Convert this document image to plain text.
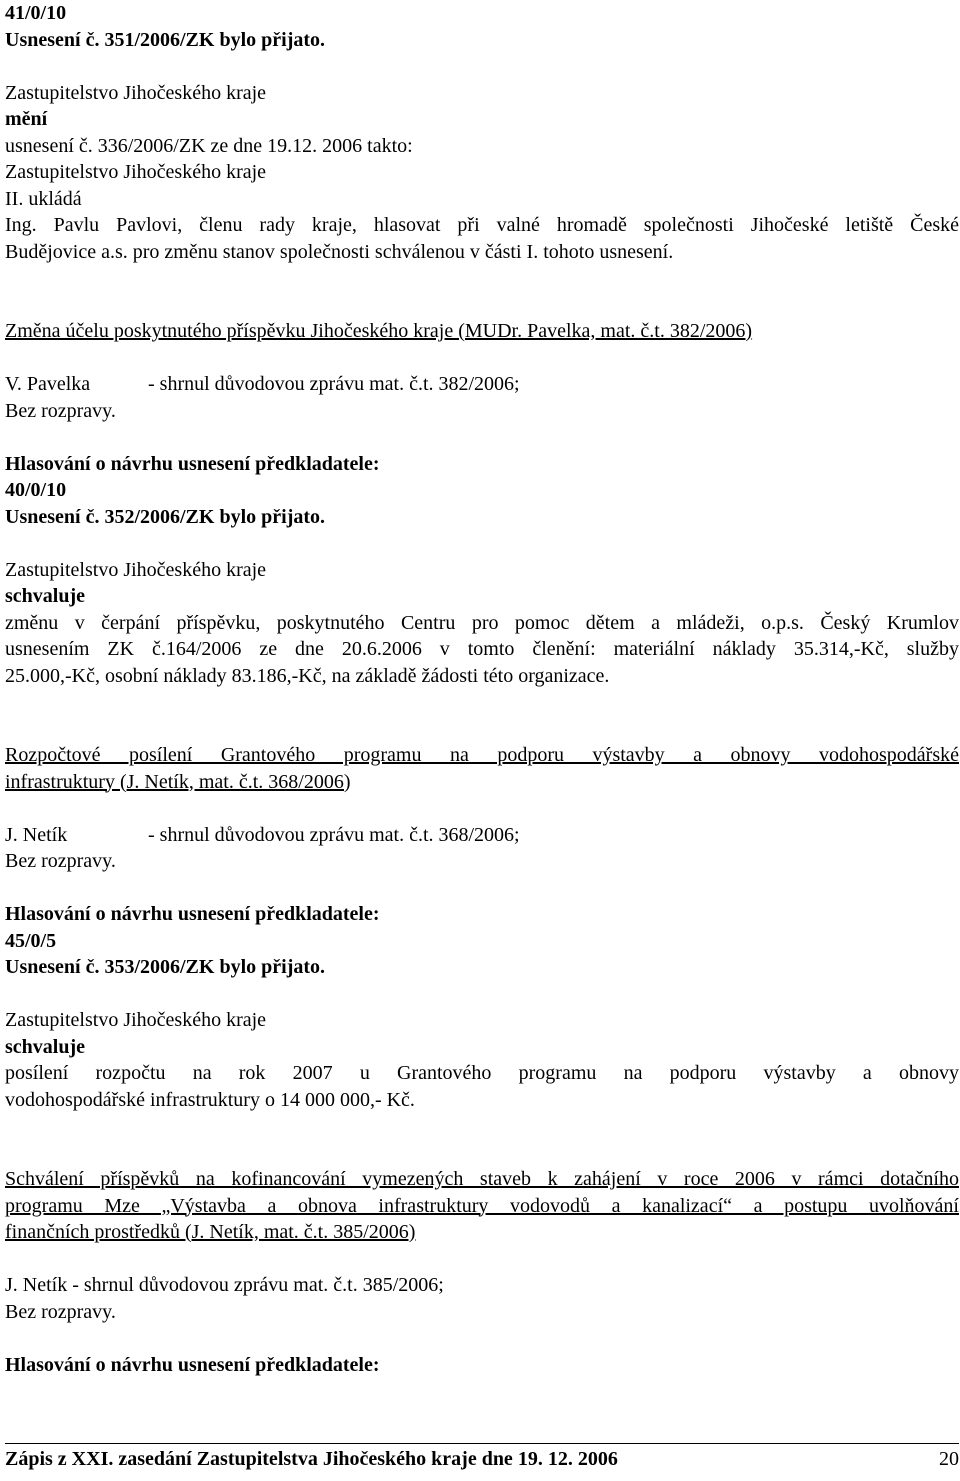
41/0/10
Usnesení č. 351/2006/ZK bylo přijato.
Zastupitelstvo Jihočeského kraje
mění
usnesení č. 336/2006/ZK ze dne 19.12. 2006 takto:
Zastupitelstvo Jihočeského kraje
II. ukládá
Ing. Pavlu Pavlovi, členu rady kraje, hlasovat při valné hromadě společnosti Jihočeské letiště České
Budějovice a.s. pro změnu stanov společnosti schválenou v části I. tohoto usnesení.
Změna účelu poskytnutého příspěvku Jihočeského kraje (MUDr. Pavelka, mat. č.t. 382/2006)
V. Pavelka	- shrnul důvodovou zprávu mat. č.t. 382/2006;
Bez rozpravy.
Hlasování o návrhu usnesení předkladatele:
40/0/10
Usnesení č. 352/2006/ZK bylo přijato.
Zastupitelstvo Jihočeského kraje
schvaluje
změnu v čerpání příspěvku, poskytnutého Centru pro pomoc dětem a mládeži, o.p.s. Český Krumlov
usnesením ZK č.164/2006 ze dne 20.6.2006 v tomto členění: materiální náklady 35.314,-Kč, služby
25.000,-Kč, osobní náklady 83.186,-Kč, na základě žádosti této organizace.
Rozpočtové posílení Grantového programu na podporu výstavby a obnovy vodohospodářské
infrastruktury (J. Netík, mat. č.t. 368/2006)
J. Netík	- shrnul důvodovou zprávu mat. č.t. 368/2006;
Bez rozpravy.
Hlasování o návrhu usnesení předkladatele:
45/0/5
Usnesení č. 353/2006/ZK bylo přijato.
Zastupitelstvo Jihočeského kraje
schvaluje
posílení rozpočtu na rok 2007 u Grantového programu na podporu výstavby a obnovy
vodohospodářské infrastruktury o 14 000 000,- Kč.
Schválení příspěvků na kofinancování vymezených staveb k zahájení v roce 2006 v rámci dotačního
programu Mze „Výstavba a obnova infrastruktury vodovodů a kanalizací“ a postupu uvolňování
finančních prostředků (J. Netík, mat. č.t. 385/2006)
J. Netík - shrnul důvodovou zprávu mat. č.t. 385/2006;
Bez rozpravy.
Hlasování o návrhu usnesení předkladatele:
Zápis z XXI. zasedání Zastupitelstva Jihočeského kraje dne 19. 12. 2006	20
